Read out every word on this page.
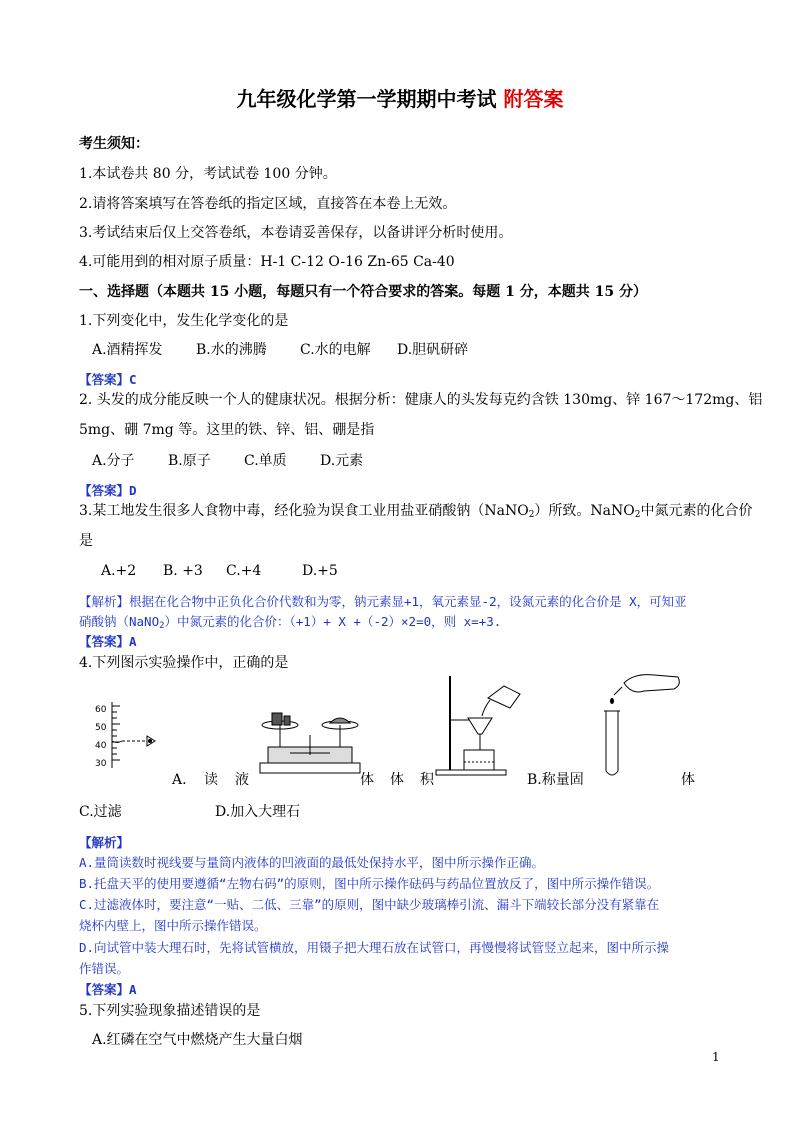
九年级化学第一学期期中考试 附答案
考生须知：
1.本试卷共 80 分，考试试卷 100 分钟。
2.请将答案填写在答卷纸的指定区域，直接答在本卷上无效。
3.考试结束后仅上交答卷纸，本卷请妥善保存，以备讲评分析时使用。
4.可能用到的相对原子质量：H-1 C-12 O-16 Zn-65 Ca-40
一、选择题（本题共 15 小题，每题只有一个符合要求的答案。每题 1 分，本题共 15 分）
1.下列变化中，发生化学变化的是
A.酒精挥发 B.水的沸腾 C.水的电解 D.胆矾研碎
【答案】C
2. 头发的成分能反映一个人的健康状况。根据分析：健康人的头发每克约含铁 130mg、锌 167～172mg、铝
5mg、硼 7mg 等。这里的铁、锌、铝、硼是指
A.分子 B.原子 C.单质 D.元素
【答案】D
3.某工地发生很多人食物中毒，经化验为误食工业用盐亚硝酸钠（NaNO$_2$）所致。NaNO$_2$中氮元素的化合价
是
A.+2 B. +3 C.+4	D.+5
【解析】根据在化合物中正负化合价代数和为零，钠元素显+1，氧元素显-2，设氮元素的化合价是 X，可知亚
硝酸钠（NaNO$_2$）中氮元素的化合价：（+1）+ X +（-2）×2=0，则 x=+3.
【答案】A
4.下列图示实验操作中，正确的是
60
50
40
30
A. 读 液	体 体 积	B.称量固	体
C.过滤	D.加入大理石
【解析】
A.量筒读数时视线要与量筒内液体的凹液面的最低处保持水平，图中所示操作正确。
B.托盘天平的使用要遵循“左物右码”的原则，图中所示操作砝码与药品位置放反了，图中所示操作错误。
C.过滤液体时，要注意“一贴、二低、三靠”的原则，图中缺少玻璃棒引流、漏斗下端较长部分没有紧靠在
烧杯内壁上，图中所示操作错误。
D.向试管中装大理石时，先将试管横放，用镊子把大理石放在试管口，再慢慢将试管竖立起来，图中所示操
作错误。
【答案】A
5.下列实验现象描述错误的是
A.红磷在空气中燃烧产生大量白烟
1
